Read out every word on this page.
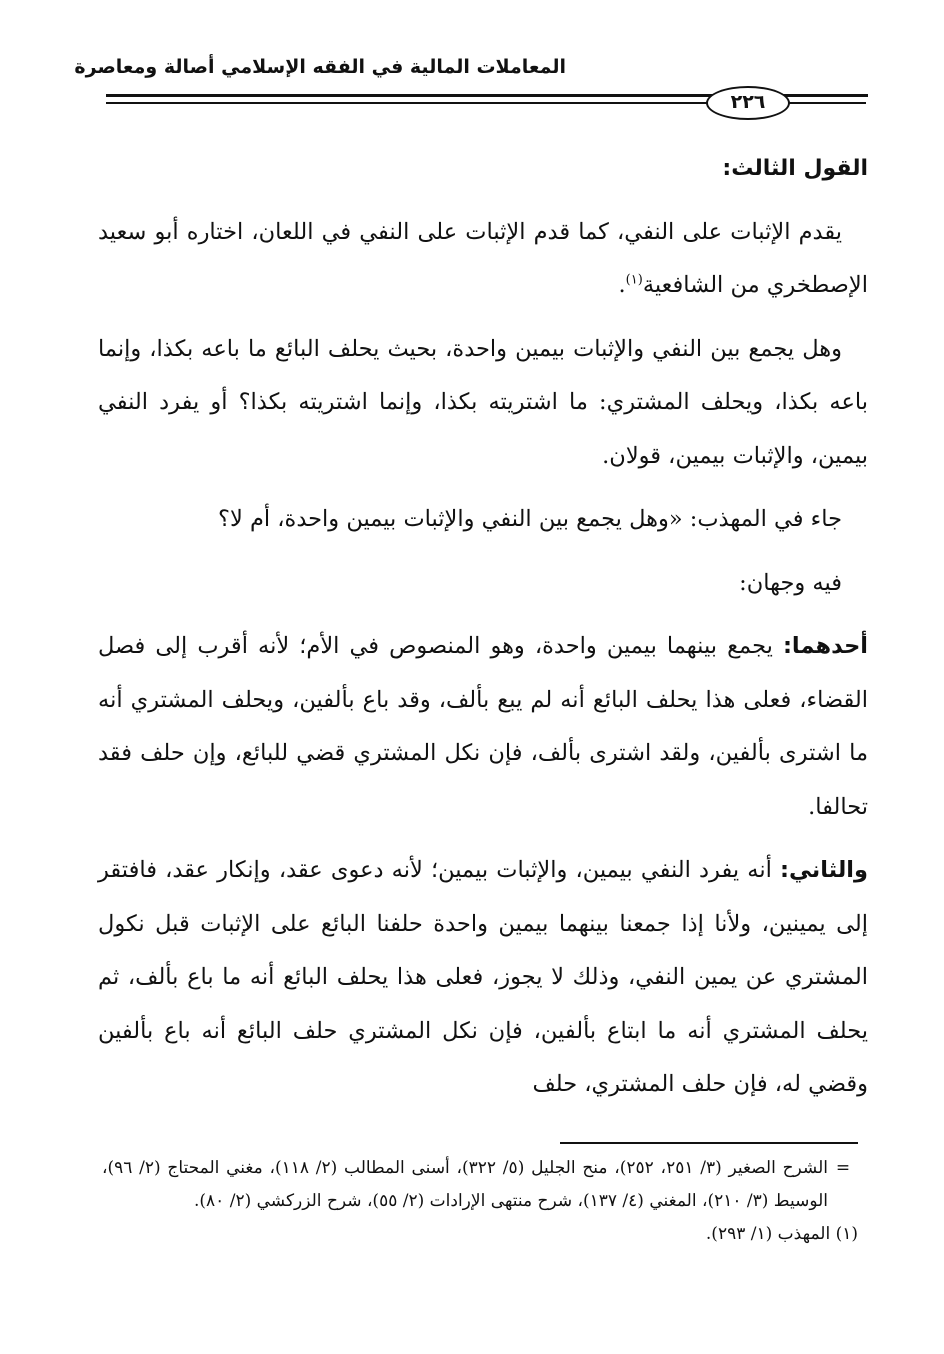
المعاملات المالية في الفقه الإسلامي أصالة ومعاصرة
٢٢٦

القول الثالث:

يقدم الإثبات على النفي، كما قدم الإثبات على النفي في اللعان، اختاره أبو سعيد الإصطخري من الشافعية$^{(١)}$.

وهل يجمع بين النفي والإثبات بيمين واحدة، بحيث يحلف البائع ما باعه بكذا، وإنما باعه بكذا، ويحلف المشتري: ما اشتريته بكذا، وإنما اشتريته بكذا؟ أو يفرد النفي بيمين، والإثبات بيمين، قولان.

جاء في المهذب: «وهل يجمع بين النفي والإثبات بيمين واحدة، أم لا؟

فيه وجهان:

أحدهما: يجمع بينهما بيمين واحدة، وهو المنصوص في الأم؛ لأنه أقرب إلى فصل القضاء، فعلى هذا يحلف البائع أنه لم يبع بألف، وقد باع بألفين، ويحلف المشتري أنه ما اشترى بألفين، ولقد اشترى بألف، فإن نكل المشتري قضي للبائع، وإن حلف فقد تحالفا.

والثاني: أنه يفرد النفي بيمين، والإثبات بيمين؛ لأنه دعوى عقد، وإنكار عقد، فافتقر إلى يمينين، ولأنا إذا جمعنا بينهما بيمين واحدة حلفنا البائع على الإثبات قبل نكول المشتري عن يمين النفي، وذلك لا يجوز، فعلى هذا يحلف البائع أنه ما باع بألف، ثم يحلف المشتري أنه ما ابتاع بألفين، فإن نكل المشتري حلف البائع أنه باع بألفين وقضي له، فإن حلف المشتري، حلف

=الشرح الصغير (٣/ ٢٥١، ٢٥٢)، منح الجليل (٥/ ٣٢٢)، أسنى المطالب (٢/ ١١٨)، مغني المحتاج (٢/ ٩٦)، الوسيط (٣/ ٢١٠)، المغني (٤/ ١٣٧)، شرح منتهى الإرادات (٢/ ٥٥)، شرح الزركشي (٢/ ٨٠).

(١) المهذب (١/ ٢٩٣).
